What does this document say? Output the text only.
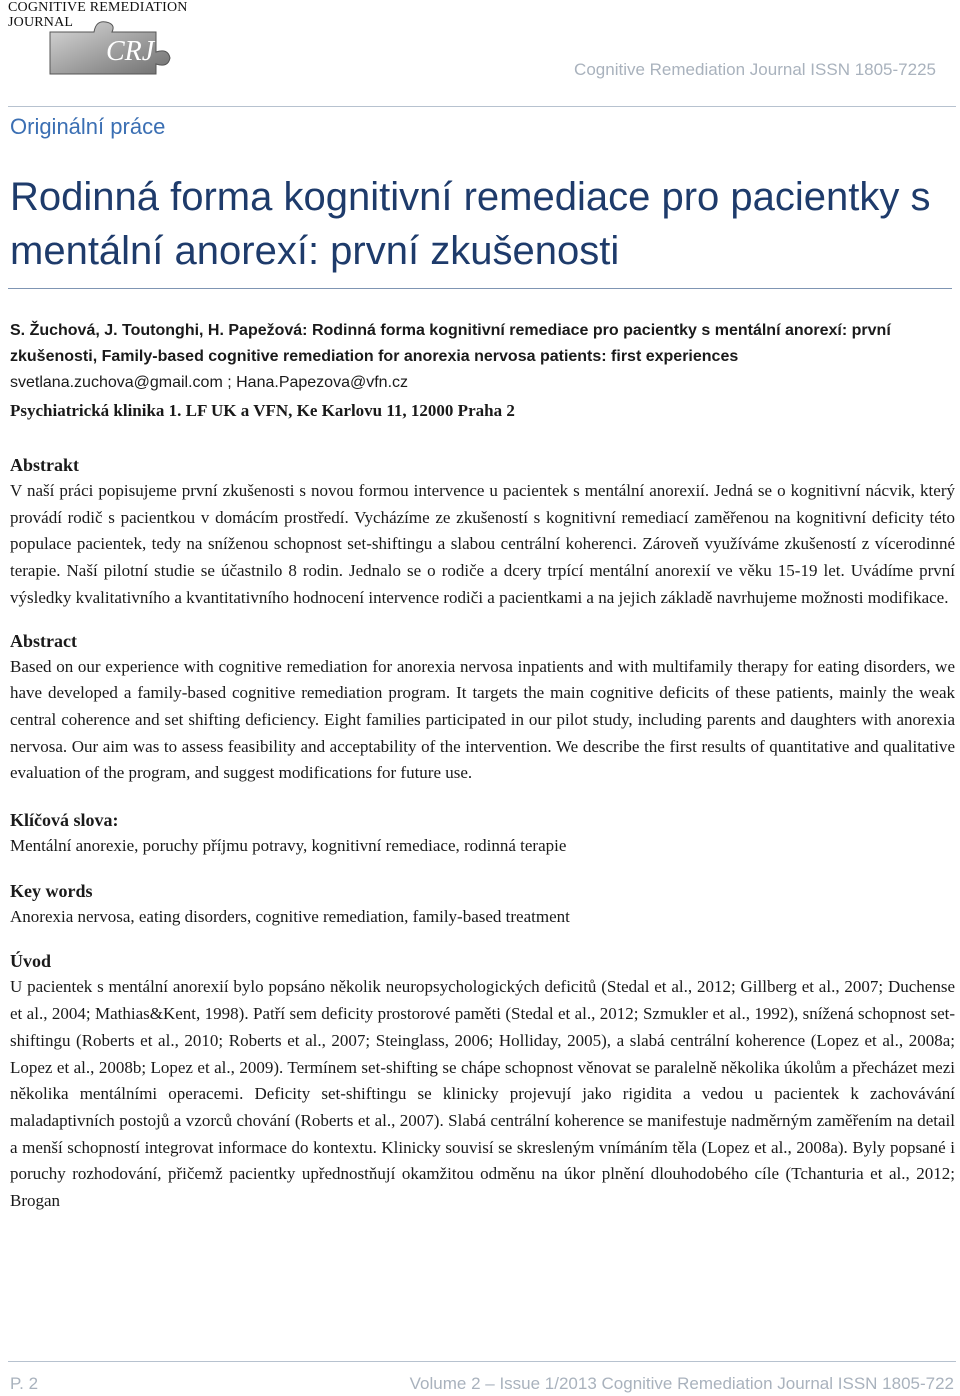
COGNITIVE REMEDIATION
JOURNAL
CRJ
Cognitive Remediation Journal ISSN 1805-7225
Originální práce
Rodinná forma kognitivní remediace pro pacientky s mentální anorexí: první zkušenosti
S. Žuchová, J. Toutonghi, H. Papežová: Rodinná forma kognitivní remediace pro pacientky s mentální anorexí: první zkušenosti, Family-based cognitive remediation for anorexia nervosa patients: first experiences
svetlana.zuchova@gmail.com ; Hana.Papezova@vfn.cz
Psychiatrická klinika 1. LF UK a VFN, Ke Karlovu 11, 12000 Praha 2

Abstrakt

V naší práci popisujeme první zkušenosti s novou formou intervence u pacientek s mentální anorexií. Jedná se o kognitivní nácvik, který provádí rodič s pacientkou v domácím prostředí. Vycházíme ze zkušeností s kognitivní remediací zaměřenou na kognitivní deficity této populace pacientek, tedy na sníženou schopnost set-shiftingu a slabou centrální koherenci. Zároveň využíváme zkušeností z vícerodinné terapie. Naší pilotní studie se účastnilo 8 rodin. Jednalo se o rodiče a dcery trpící mentální anorexií ve věku 15-19 let. Uvádíme první výsledky kvalitativního a kvantitativního hodnocení intervence rodiči a pacientkami a na jejich základě navrhujeme možnosti modifikace.

Abstract

Based on our experience with cognitive remediation for anorexia nervosa inpatients and with multifamily therapy for eating disorders, we have developed a family-based cognitive remediation program. It targets the main cognitive deficits of these patients, mainly the weak central coherence and set shifting deficiency. Eight families participated in our pilot study, including parents and daughters with anorexia nervosa. Our aim was to assess feasibility and acceptability of the intervention. We describe the first results of quantitative and qualitative evaluation of the program, and suggest modifications for future use.

Klíčová slova:

Mentální anorexie, poruchy příjmu potravy, kognitivní remediace, rodinná terapie

Key words

Anorexia nervosa, eating disorders, cognitive remediation, family-based treatment

Úvod

U pacientek s mentální anorexií bylo popsáno několik neuropsychologických deficitů (Stedal et al., 2012; Gillberg et al., 2007; Duchense et al., 2004; Mathias&Kent, 1998). Patří sem deficity prostorové paměti (Stedal et al., 2012; Szmukler et al., 1992), snížená schopnost set-shiftingu (Roberts et al., 2010; Roberts et al., 2007; Steinglass, 2006; Holliday, 2005), a slabá centrální koherence (Lopez et al., 2008a; Lopez et al., 2008b; Lopez et al., 2009). Termínem set-shifting se chápe schopnost věnovat se paralelně několika úkolům a přecházet mezi několika mentálními operacemi. Deficity set-shiftingu se klinicky projevují jako rigidita a vedou u pacientek k zachovávání maladaptivních postojů a vzorců chování (Roberts et al., 2007). Slabá centrální koherence se manifestuje nadměrným zaměřením na detail a menší schopností integrovat informace do kontextu. Klinicky souvisí se skresleným vnímáním těla (Lopez et al., 2008a). Byly popsané i poruchy rozhodování, přičemž pacientky upřednostňují okamžitou odměnu na úkor plnění dlouhodobého cíle (Tchanturia et al., 2012; Brogan

P. 2	Volume 2 – Issue 1/2013 Cognitive Remediation Journal ISSN 1805-722
